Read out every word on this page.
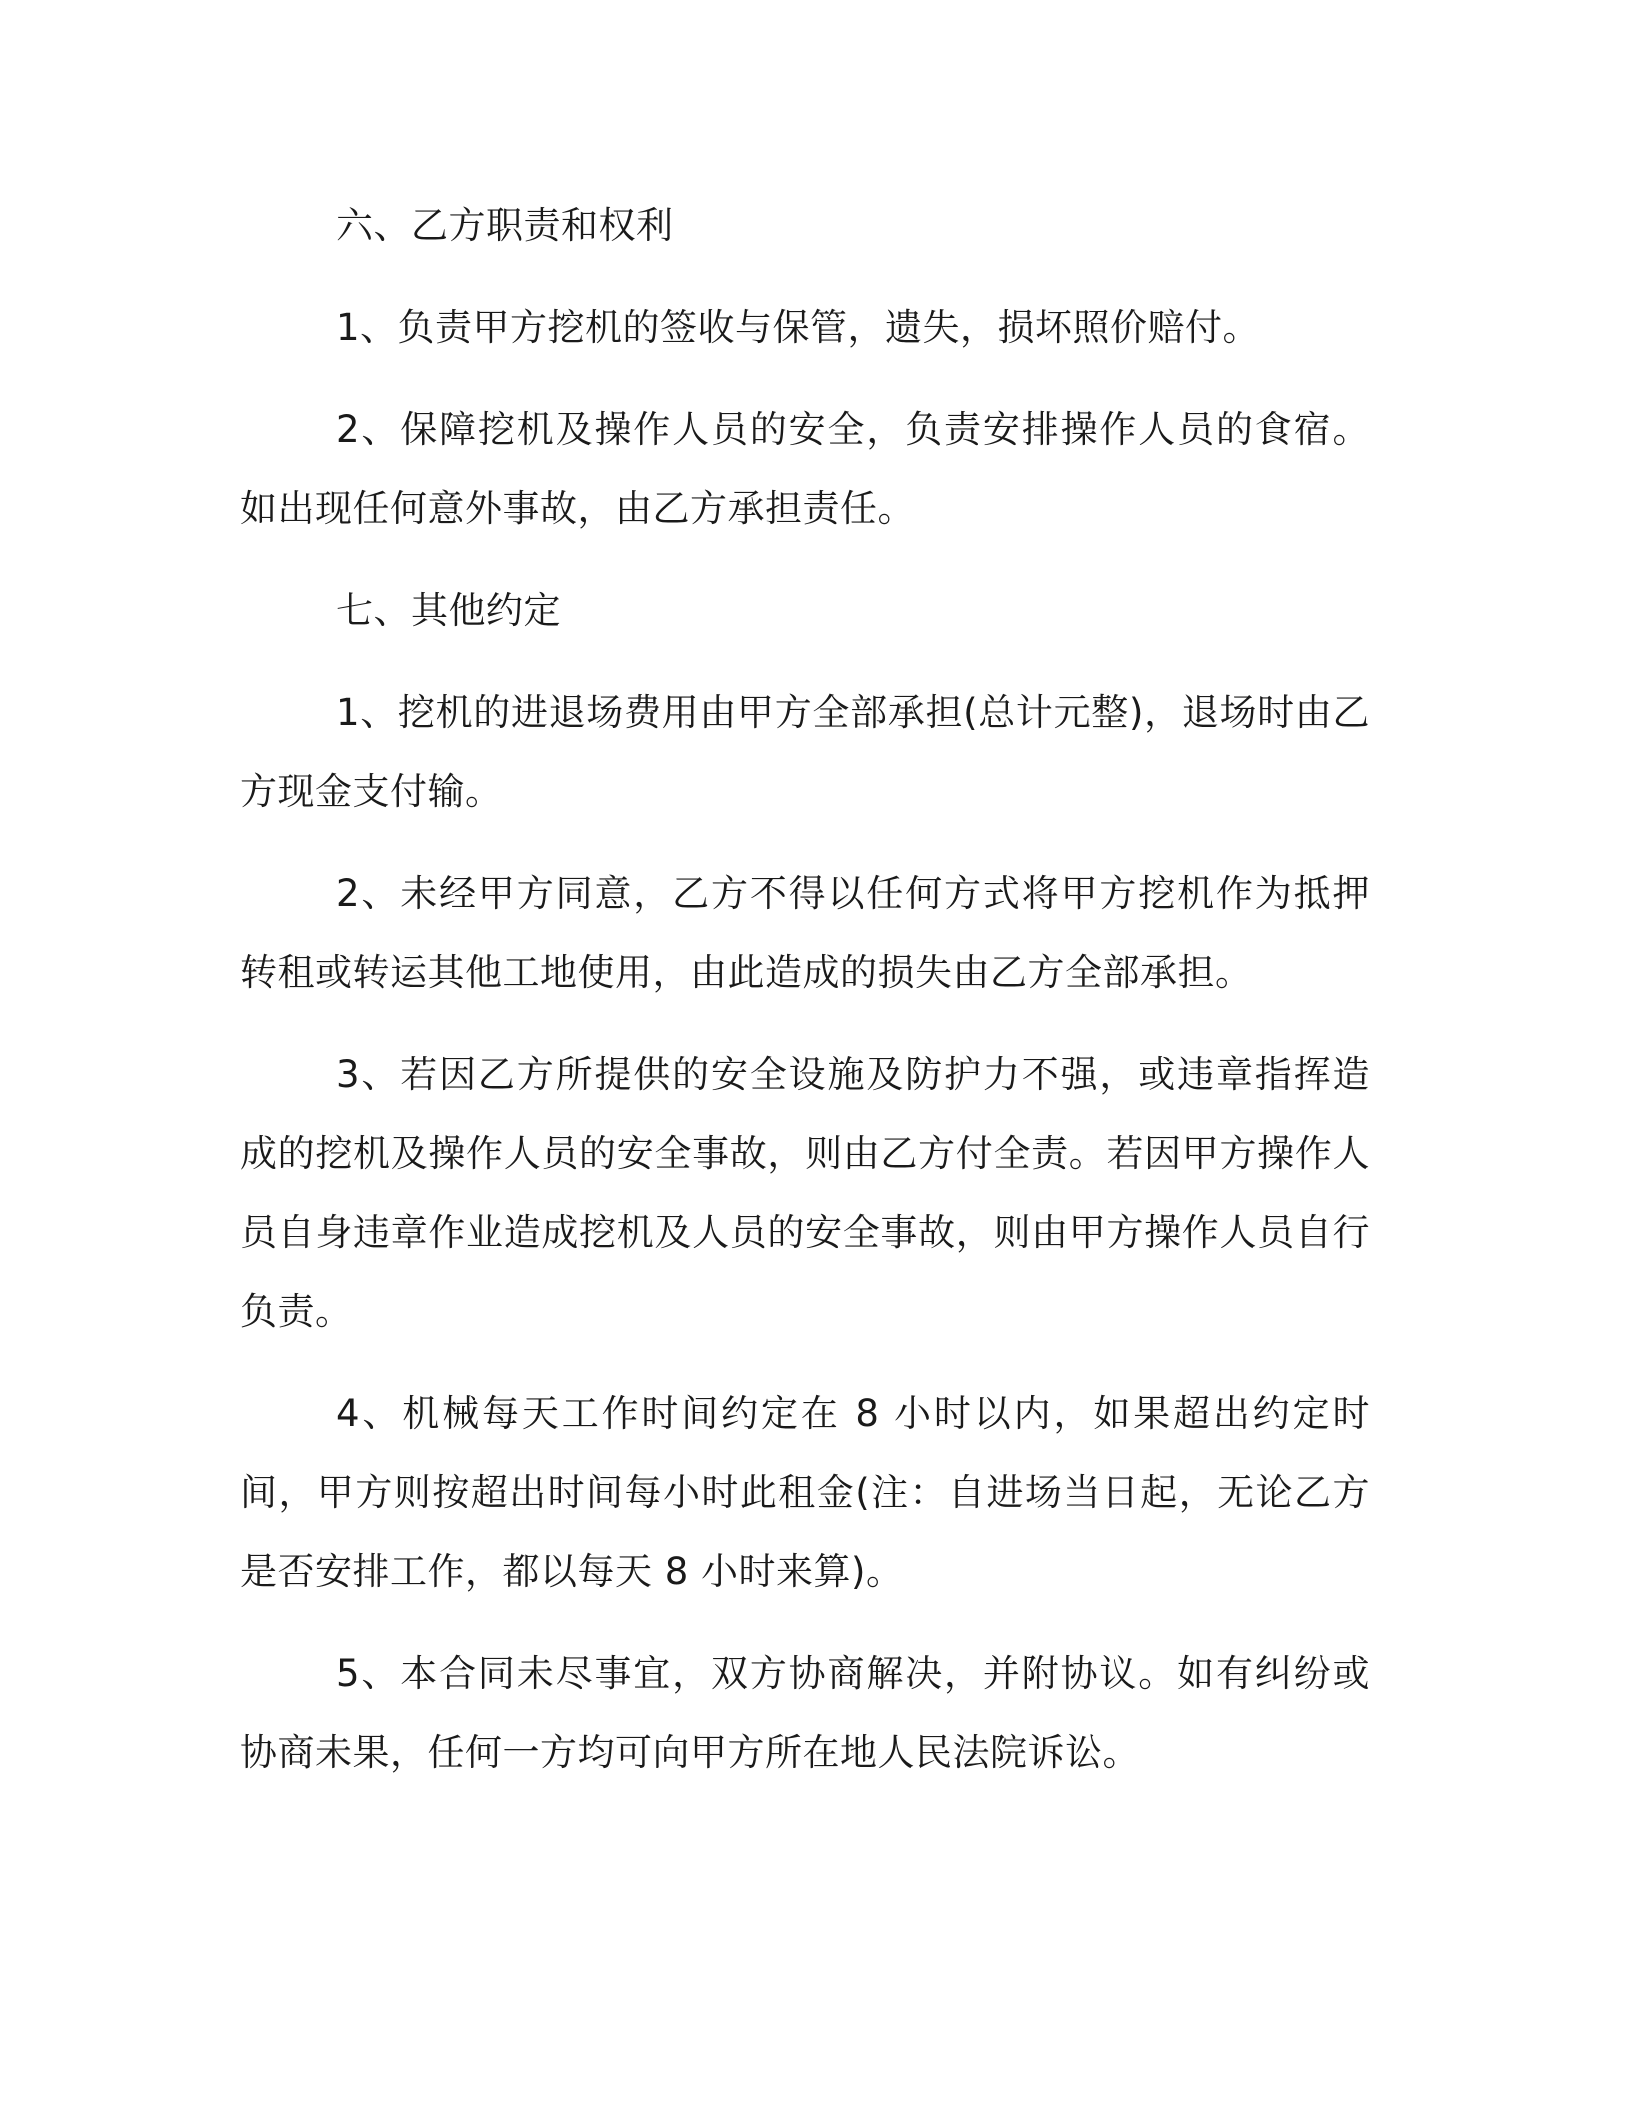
六、乙方职责和权利

1、负责甲方挖机的签收与保管，遗失，损坏照价赔付。

2、保障挖机及操作人员的安全，负责安排操作人员的食宿。如出现任何意外事故，由乙方承担责任。

七、其他约定

1、挖机的进退场费用由甲方全部承担(总计元整)，退场时由乙方现金支付输。

2、未经甲方同意，乙方不得以任何方式将甲方挖机作为抵押转租或转运其他工地使用，由此造成的损失由乙方全部承担。

3、若因乙方所提供的安全设施及防护力不强，或违章指挥造成的挖机及操作人员的安全事故，则由乙方付全责。若因甲方操作人员自身违章作业造成挖机及人员的安全事故，则由甲方操作人员自行负责。

4、机械每天工作时间约定在 8 小时以内，如果超出约定时间，甲方则按超出时间每小时此租金(注：自进场当日起，无论乙方是否安排工作，都以每天 8 小时来算)。

5、本合同未尽事宜，双方协商解决，并附协议。如有纠纷或协商未果，任何一方均可向甲方所在地人民法院诉讼。
